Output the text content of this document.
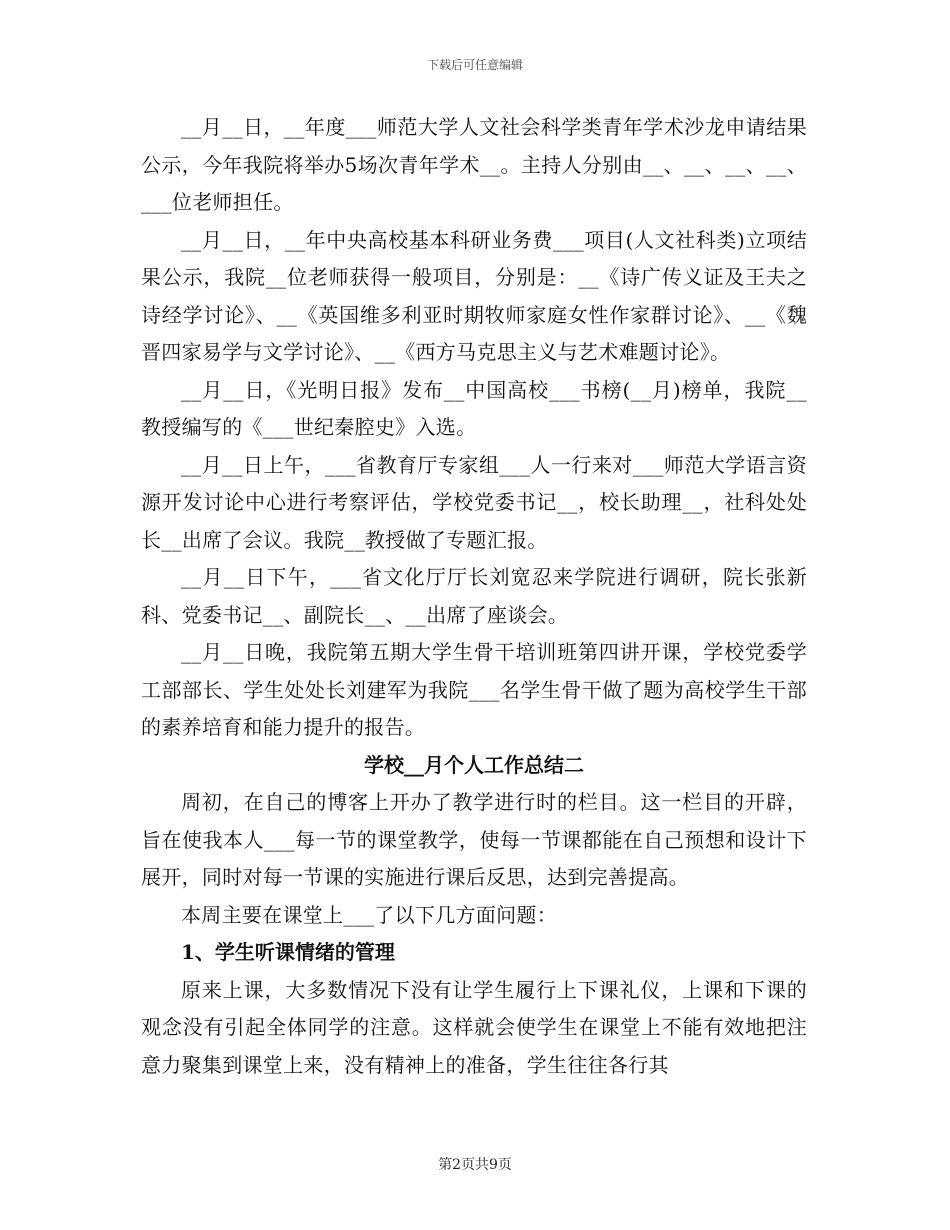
下载后可任意编辑

__月__日，__年度___师范大学人文社会科学类青年学术沙龙申请结果公示，今年我院将举办5场次青年学术__。主持人分别由__、__、__、__、___位老师担任。

__月__日，__年中央高校基本科研业务费___项目(人文社科类)立项结果公示，我院__位老师获得一般项目，分别是：__《诗广传义证及王夫之诗经学讨论》、__《英国维多利亚时期牧师家庭女性作家群讨论》、__《魏晋四家易学与文学讨论》、__《西方马克思主义与艺术难题讨论》。

__月__日，《光明日报》发布__中国高校___书榜(__月)榜单，我院__教授编写的《___世纪秦腔史》入选。

__月__日上午，___省教育厅专家组___人一行来对___师范大学语言资源开发讨论中心进行考察评估，学校党委书记__，校长助理__，社科处处长__出席了会议。我院__教授做了专题汇报。

__月__日下午，___省文化厅厅长刘宽忍来学院进行调研，院长张新科、党委书记__、副院长__、__出席了座谈会。

__月__日晚，我院第五期大学生骨干培训班第四讲开课，学校党委学工部部长、学生处处长刘建军为我院___名学生骨干做了题为高校学生干部的素养培育和能力提升的报告。

学校__月个人工作总结二

周初，在自己的博客上开办了教学进行时的栏目。这一栏目的开辟，旨在使我本人___每一节的课堂教学，使每一节课都能在自己预想和设计下展开，同时对每一节课的实施进行课后反思，达到完善提高。

本周主要在课堂上___了以下几方面问题：

1、学生听课情绪的管理

原来上课，大多数情况下没有让学生履行上下课礼仪，上课和下课的观念没有引起全体同学的注意。这样就会使学生在课堂上不能有效地把注意力聚集到课堂上来，没有精神上的准备，学生往往各行其

第2页共9页
